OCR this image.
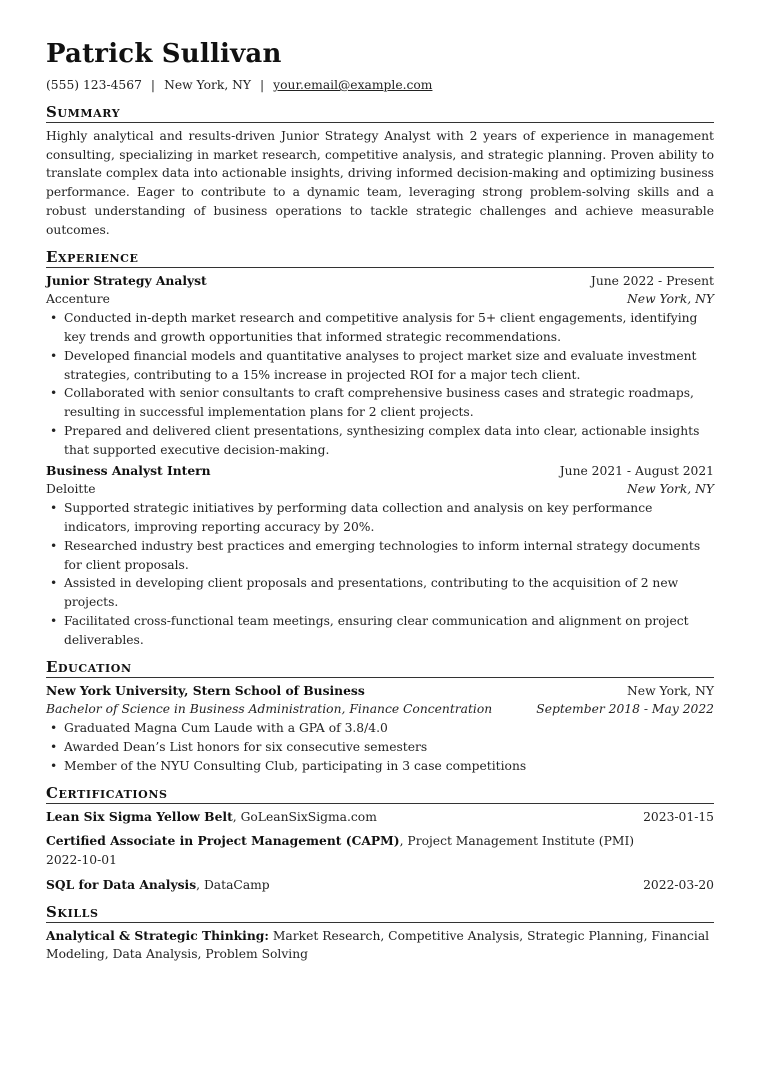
Patrick Sullivan
(555) 123-4567 | New York, NY | your.email@example.com
Summary

Highly analytical and results-driven Junior Strategy Analyst with 2 years of experience in management consulting, specializing in market research, competitive analysis, and strategic planning. Proven ability to translate complex data into actionable insights, driving informed decision-making and optimizing business performance. Eager to contribute to a dynamic team, leveraging strong problem-solving skills and a robust understanding of business operations to tackle strategic challenges and achieve measurable outcomes.

Experience
Junior Strategy Analyst	June 2022 - Present
Accenture	New York, NY
• Conducted in-depth market research and competitive analysis for 5+ client engagements, identifying key trends and growth opportunities that informed strategic recommendations.
• Developed financial models and quantitative analyses to project market size and evaluate investment strategies, contributing to a 15% increase in projected ROI for a major tech client.
• Collaborated with senior consultants to craft comprehensive business cases and strategic roadmaps, resulting in successful implementation plans for 2 client projects.
• Prepared and delivered client presentations, synthesizing complex data into clear, actionable insights that supported executive decision-making.
Business Analyst Intern	June 2021 - August 2021
Deloitte	New York, NY
• Supported strategic initiatives by performing data collection and analysis on key performance indicators, improving reporting accuracy by 20%.
• Researched industry best practices and emerging technologies to inform internal strategy documents for client proposals.
• Assisted in developing client proposals and presentations, contributing to the acquisition of 2 new projects.
• Facilitated cross-functional team meetings, ensuring clear communication and alignment on project deliverables.
Education
New York University, Stern School of Business	New York, NY
Bachelor of Science in Business Administration, Finance Concentration	September 2018 - May 2022
• Graduated Magna Cum Laude with a GPA of 3.8/4.0
• Awarded Dean’s List honors for six consecutive semesters
• Member of the NYU Consulting Club, participating in 3 case competitions
Certifications
Lean Six Sigma Yellow Belt, GoLeanSixSigma.com	2023-01-15
Certified Associate in Project Management (CAPM), Project Management Institute (PMI)
2022-10-01
SQL for Data Analysis, DataCamp	2022-03-20
Skills

Analytical & Strategic Thinking: Market Research, Competitive Analysis, Strategic Planning, Financial Modeling, Data Analysis, Problem Solving
